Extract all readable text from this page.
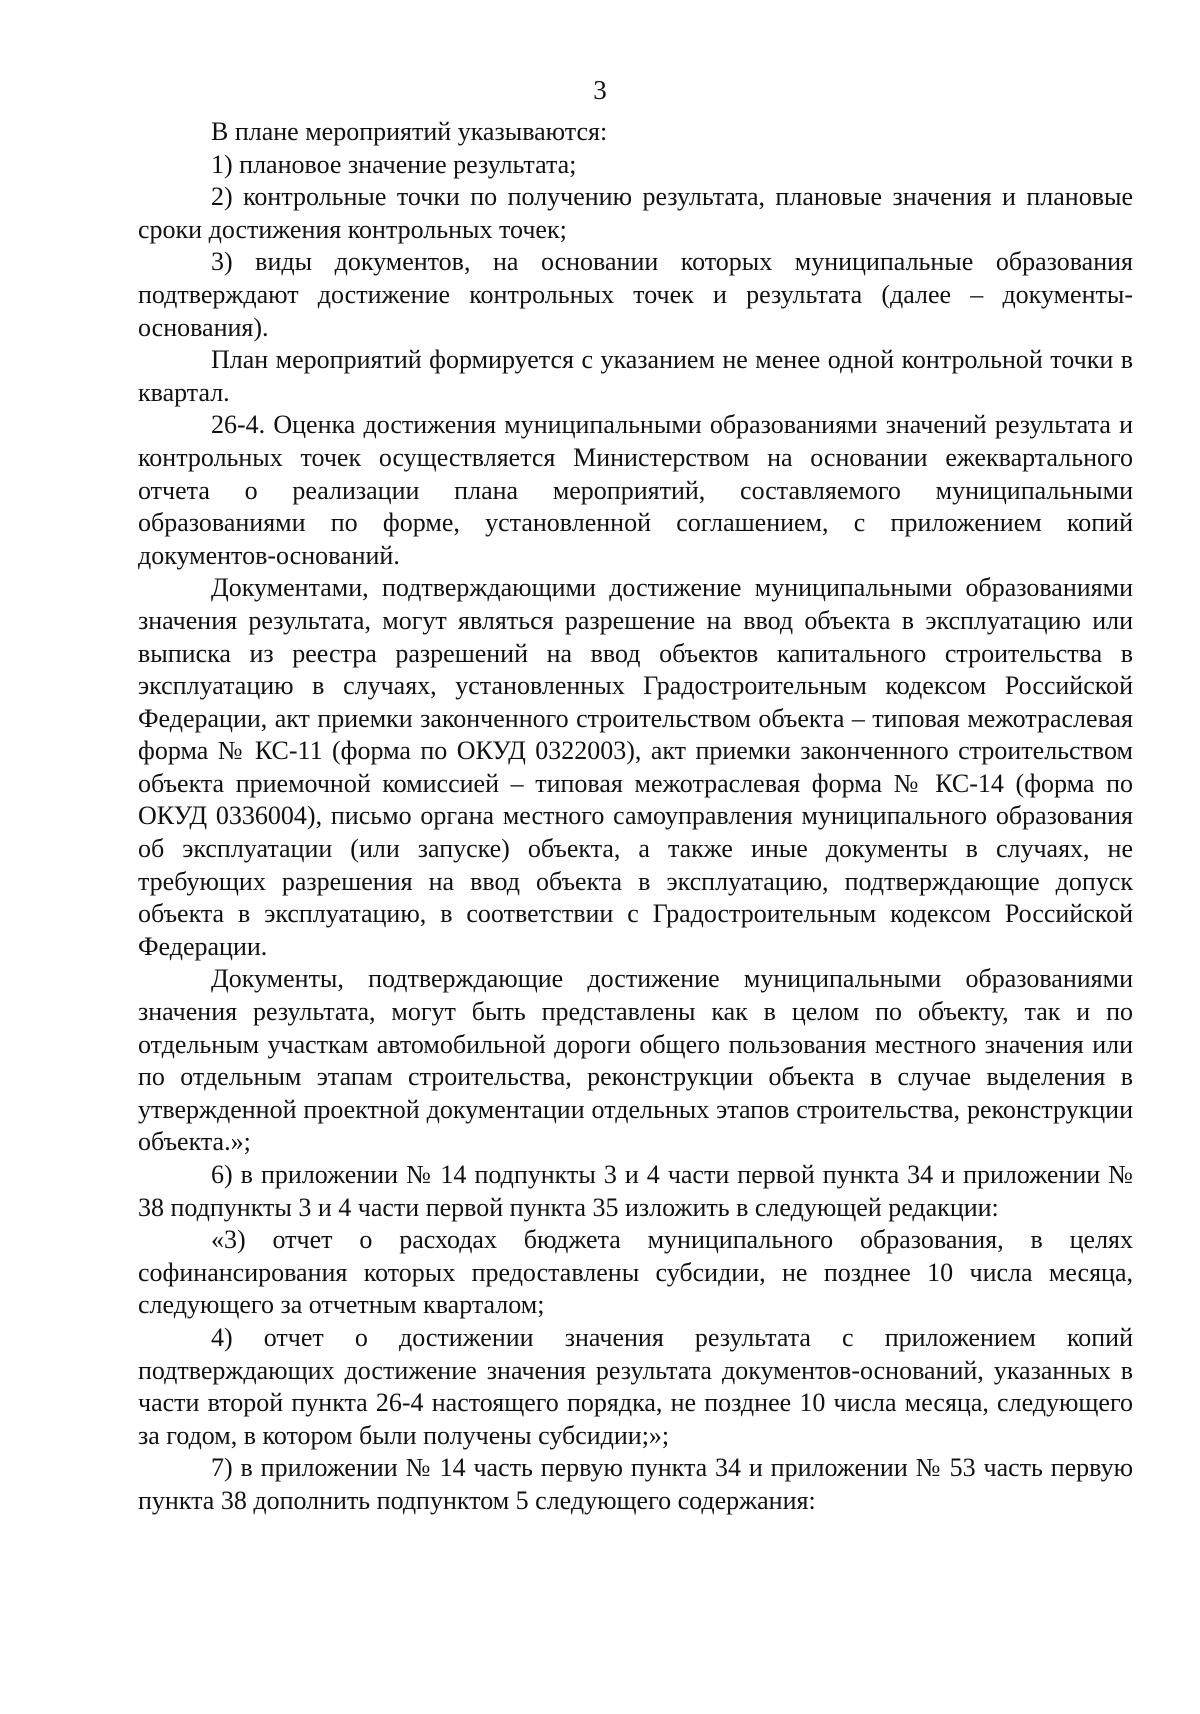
3

В плане мероприятий указываются:

1) плановое значение результата;

2) контрольные точки по получению результата, плановые значения и плановые сроки достижения контрольных точек;

3) виды документов, на основании которых муниципальные образования подтверждают достижение контрольных точек и результата (далее – документы-основания).

План мероприятий формируется с указанием не менее одной контрольной точки в квартал.

26-4. Оценка достижения муниципальными образованиями значений результата и контрольных точек осуществляется Министерством на основании ежеквартального отчета о реализации плана мероприятий, составляемого муниципальными образованиями по форме, установленной соглашением, с приложением копий документов-оснований.

Документами, подтверждающими достижение муниципальными образованиями значения результата, могут являться разрешение на ввод объекта в эксплуатацию или выписка из реестра разрешений на ввод объектов капитального строительства в эксплуатацию в случаях, установленных Градостроительным кодексом Российской Федерации, акт приемки законченного строительством объекта – типовая межотраслевая форма № КС-11 (форма по ОКУД 0322003), акт приемки законченного строительством объекта приемочной комиссией – типовая межотраслевая форма № КС-14 (форма по ОКУД 0336004), письмо органа местного самоуправления муниципального образования об эксплуатации (или запуске) объекта, а также иные документы в случаях, не требующих разрешения на ввод объекта в эксплуатацию, подтверждающие допуск объекта в эксплуатацию, в соответствии с Градостроительным кодексом Российской Федерации.

Документы, подтверждающие достижение муниципальными образованиями значения результата, могут быть представлены как в целом по объекту, так и по отдельным участкам автомобильной дороги общего пользования местного значения или по отдельным этапам строительства, реконструкции объекта в случае выделения в утвержденной проектной документации отдельных этапов строительства, реконструкции объекта.»;

6) в приложении № 14 подпункты 3 и 4 части первой пункта 34 и приложении № 38 подпункты 3 и 4 части первой пункта 35 изложить в следующей редакции:

«3) отчет о расходах бюджета муниципального образования, в целях софинансирования которых предоставлены субсидии, не позднее 10 числа месяца, следующего за отчетным кварталом;

4) отчет о достижении значения результата с приложением копий подтверждающих достижение значения результата документов-оснований, указанных в части второй пункта 26-4 настоящего порядка, не позднее 10 числа месяца, следующего за годом, в котором были получены субсидии;»;

7) в приложении № 14 часть первую пункта 34 и приложении № 53 часть первую пункта 38 дополнить подпунктом 5 следующего содержания:
